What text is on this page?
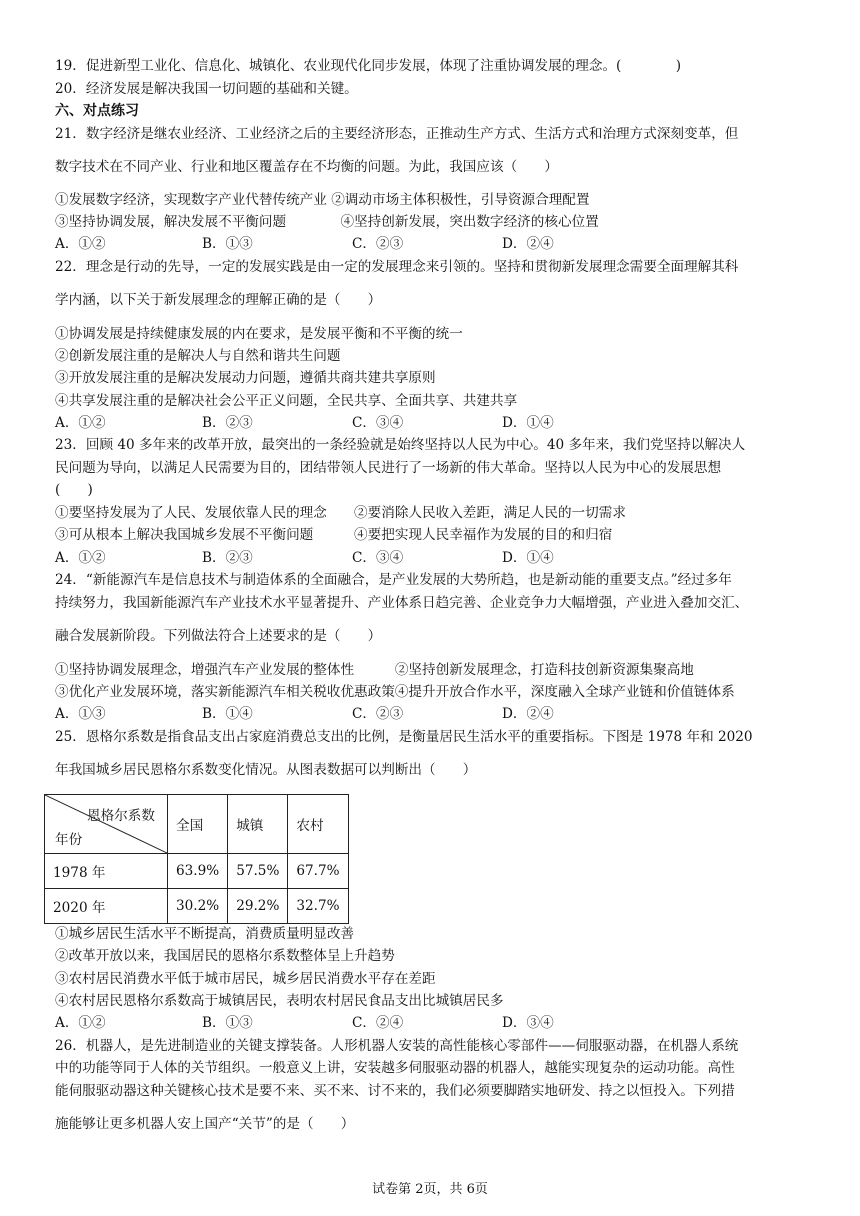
19．促进新型工业化、信息化、城镇化、农业现代化同步发展，体现了注重协调发展的理念。(　　　　)
20．经济发展是解决我国一切问题的基础和关键。
六、对点练习
21．数字经济是继农业经济、工业经济之后的主要经济形态，正推动生产方式、生活方式和治理方式深刻变革，但
数字技术在不同产业、行业和地区覆盖存在不均衡的问题。为此，我国应该（　　）
①发展数字经济，实现数字产业代替传统产业 ②调动市场主体积极性，引导资源合理配置
③坚持协调发展，解决发展不平衡问题　　　　④坚持创新发展，突出数字经济的核心位置
A．①②	B．①③	C．②③	D．②④
22．理念是行动的先导，一定的发展实践是由一定的发展理念来引领的。坚持和贯彻新发展理念需要全面理解其科
学内涵，以下关于新发展理念的理解正确的是（　　）
①协调发展是持续健康发展的内在要求，是发展平衡和不平衡的统一
②创新发展注重的是解决人与自然和谐共生问题
③开放发展注重的是解决发展动力问题，遵循共商共建共享原则
④共享发展注重的是解决社会公平正义问题，全民共享、全面共享、共建共享
A．①②	B．②③	C．③④	D．①④
23．回顾 40 多年来的改革开放，最突出的一条经验就是始终坚持以人民为中心。40 多年来，我们党坚持以解决人
民问题为导向，以满足人民需要为目的，团结带领人民进行了一场新的伟大革命。坚持以人民为中心的发展思想
(　　)
①要坚持发展为了人民、发展依靠人民的理念　　②要消除人民收入差距，满足人民的一切需求
③可从根本上解决我国城乡发展不平衡问题　　　④要把实现人民幸福作为发展的目的和归宿
A．①②	B．②③	C．③④	D．①④
24．“新能源汽车是信息技术与制造体系的全面融合，是产业发展的大势所趋，也是新动能的重要支点。”经过多年
持续努力，我国新能源汽车产业技术水平显著提升、产业体系日趋完善、企业竞争力大幅增强，产业进入叠加交汇、
融合发展新阶段。下列做法符合上述要求的是（　　）
①坚持协调发展理念，增强汽车产业发展的整体性　　　②坚持创新发展理念，打造科技创新资源集聚高地
③优化产业发展环境，落实新能源汽车相关税收优惠政策④提升开放合作水平，深度融入全球产业链和价值链体系
A．①③	B．①④	C．②③	D．②④
25．恩格尔系数是指食品支出占家庭消费总支出的比例，是衡量居民生活水平的重要指标。下图是 1978 年和 2020
年我国城乡居民恩格尔系数变化情况。从图表数据可以判断出（　　）
恩格尔系数
年份	全国	城镇	农村
1978 年	63.9%	57.5%	67.7%
2020 年	30.2%	29.2%	32.7%
①城乡居民生活水平不断提高，消费质量明显改善
②改革开放以来，我国居民的恩格尔系数整体呈上升趋势
③农村居民消费水平低于城市居民，城乡居民消费水平存在差距
④农村居民恩格尔系数高于城镇居民，表明农村居民食品支出比城镇居民多
A．①②	B．①③	C．②④	D．③④
26．机器人，是先进制造业的关键支撑装备。人形机器人安装的高性能核心零部件——伺服驱动器，在机器人系统
中的功能等同于人体的关节组织。一般意义上讲，安装越多伺服驱动器的机器人，越能实现复杂的运动功能。高性
能伺服驱动器这种关键核心技术是要不来、买不来、讨不来的，我们必须要脚踏实地研发、持之以恒投入。下列措
施能够让更多机器人安上国产“关节”的是（　　）
试卷第 2页，共 6页
